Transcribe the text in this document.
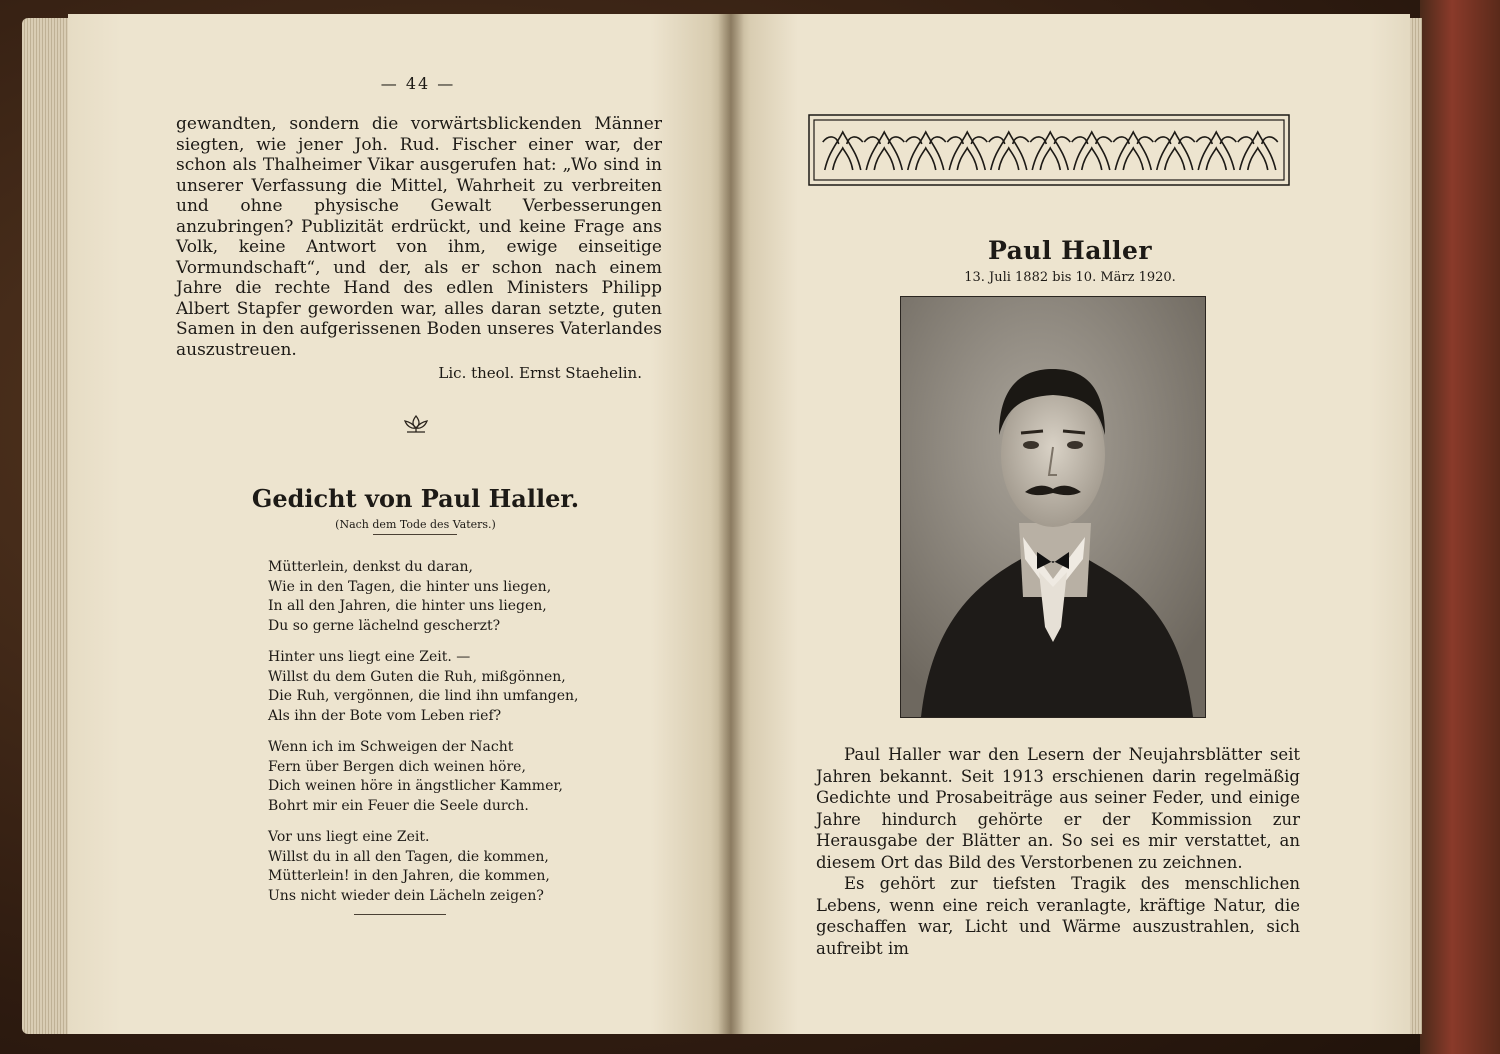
— 44 —

gewandten, sondern die vorwärtsblickenden Männer siegten, wie jener Joh. Rud. Fischer einer war, der schon als Thalheimer Vikar ausgerufen hat: „Wo sind in unserer Verfassung die Mittel, Wahrheit zu verbreiten und ohne physische Gewalt Verbesserungen anzubringen? Publizität erdrückt, und keine Frage ans Volk, keine Antwort von ihm, ewige einseitige Vormundschaft“, und der, als er schon nach einem Jahre die rechte Hand des edlen Ministers Philipp Albert Stapfer geworden war, alles daran setzte, guten Samen in den aufgerissenen Boden unseres Vaterlandes auszustreuen.

Lic. theol. Ernst Staehelin.
Gedicht von Paul Haller.
(Nach dem Tode des Vaters.)
Mütterlein, denkst du daran,
Wie in den Tagen, die hinter uns liegen,
In all den Jahren, die hinter uns liegen,
Du so gerne lächelnd gescherzt?
Hinter uns liegt eine Zeit. —
Willst du dem Guten die Ruh, mißgönnen,
Die Ruh, vergönnen, die lind ihn umfangen,
Als ihn der Bote vom Leben rief?
Wenn ich im Schweigen der Nacht
Fern über Bergen dich weinen höre,
Dich weinen höre in ängstlicher Kammer,
Bohrt mir ein Feuer die Seele durch.
Vor uns liegt eine Zeit.
Willst du in all den Tagen, die kommen,
Mütterlein! in den Jahren, die kommen,
Uns nicht wieder dein Lächeln zeigen?
Paul Haller
13. Juli 1882 bis 10. März 1920.

Paul Haller war den Lesern der Neujahrsblätter seit Jahren bekannt. Seit 1913 erschienen darin regelmäßig Gedichte und Prosabeiträge aus seiner Feder, und einige Jahre hindurch gehörte er der Kommission zur Herausgabe der Blätter an. So sei es mir verstattet, an diesem Ort das Bild des Verstorbenen zu zeichnen.

Es gehört zur tiefsten Tragik des menschlichen Lebens, wenn eine reich veranlagte, kräftige Natur, die geschaffen war, Licht und Wärme auszustrahlen, sich aufreibt im
